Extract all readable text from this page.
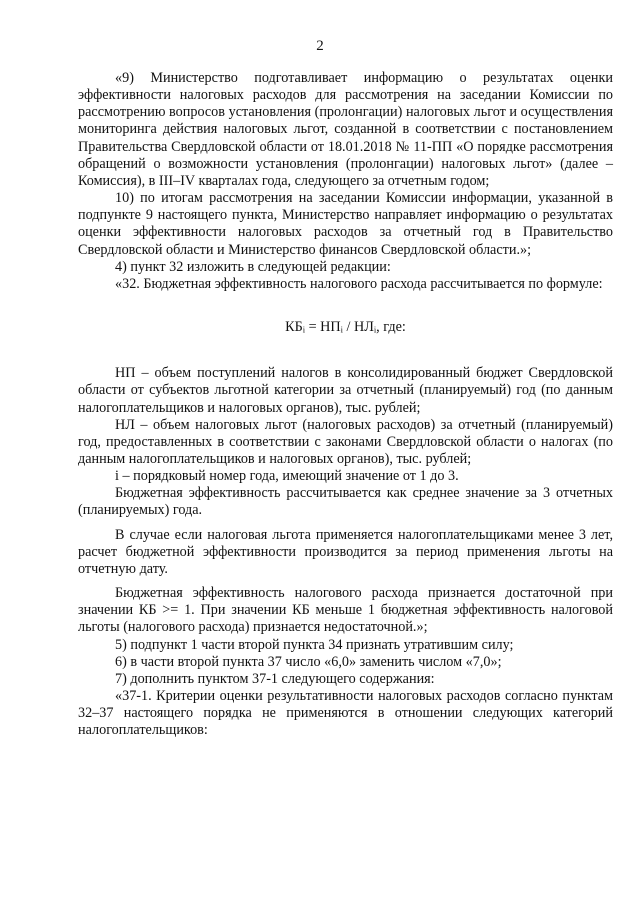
2

«9) Министерство подготавливает информацию о результатах оценки эффективности налоговых расходов для рассмотрения на заседании Комиссии по рассмотрению вопросов установления (пролонгации) налоговых льгот и осуществления мониторинга действия налоговых льгот, созданной в соответствии с постановлением Правительства Свердловской области от 18.01.2018 № 11-ПП «О порядке рассмотрения обращений о возможности установления (пролонгации) налоговых льгот» (далее – Комиссия), в III–IV кварталах года, следующего за отчетным годом;

10) по итогам рассмотрения на заседании Комиссии информации, указанной в подпункте 9 настоящего пункта, Министерство направляет информацию о результатах оценки эффективности налоговых расходов за отчетный год в Правительство Свердловской области и Министерство финансов Свердловской области.»;

4) пункт 32 изложить в следующей редакции:

«32. Бюджетная эффективность налогового расхода рассчитывается по формуле:

КБᵢ = НПᵢ / НЛᵢ, где:

НП – объем поступлений налогов в консолидированный бюджет Свердловской области от субъектов льготной категории за отчетный (планируемый) год (по данным налогоплательщиков и налоговых органов), тыс. рублей;

НЛ – объем налоговых льгот (налоговых расходов) за отчетный (планируемый) год, предоставленных в соответствии с законами Свердловской области о налогах (по данным налогоплательщиков и налоговых органов), тыс. рублей;

i – порядковый номер года, имеющий значение от 1 до 3.

Бюджетная эффективность рассчитывается как среднее значение за 3 отчетных (планируемых) года.

В случае если налоговая льгота применяется налогоплательщиками менее 3 лет, расчет бюджетной эффективности производится за период применения льготы на отчетную дату.

Бюджетная эффективность налогового расхода признается достаточной при значении КБ >= 1. При значении КБ меньше 1 бюджетная эффективность налоговой льготы (налогового расхода) признается недостаточной.»;

5) подпункт 1 части второй пункта 34 признать утратившим силу;

6) в части второй пункта 37 число «6,0» заменить числом «7,0»;

7) дополнить пунктом 37-1 следующего содержания:

«37-1. Критерии оценки результативности налоговых расходов согласно пунктам 32–37 настоящего порядка не применяются в отношении следующих категорий налогоплательщиков:
